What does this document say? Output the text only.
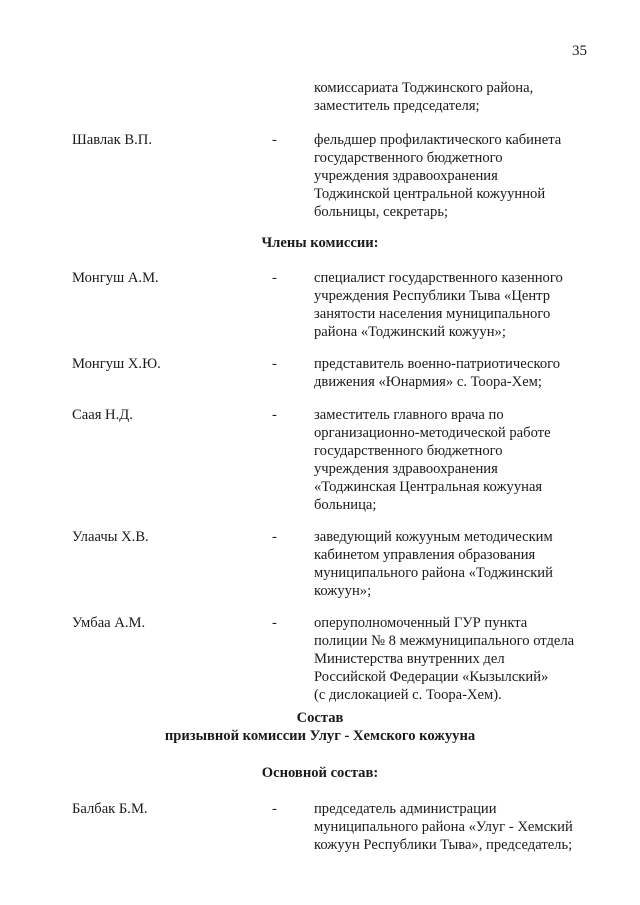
35
комиссариата Тоджинского района,
заместитель председателя;
Шавлак В.П.	-	фельдшер профилактического кабинета
государственного бюджетного
учреждения здравоохранения
Тоджинской центральной кожуунной
больницы, секретарь;
Члены комиссии:
Монгуш А.М.	-	специалист государственного казенного
учреждения Республики Тыва «Центр
занятости населения муниципального
района «Тоджинский кожуун»;
Монгуш Х.Ю.	-	представитель военно-патриотического
движения «Юнармия» с. Тоора-Хем;
Саая Н.Д.	-	заместитель главного врача по
организационно-методической работе
государственного бюджетного
учреждения здравоохранения
«Тоджинская Центральная кожууная
больница;
Улаачы Х.В.	-	заведующий кожууным методическим
кабинетом управления образования
муниципального района «Тоджинский
кожуун»;
Умбаа А.М.	-	оперуполномоченный ГУР пункта
полиции № 8 межмуниципального отдела
Министерства внутренних дел
Российской Федерации «Кызылский»
(с дислокацией с. Тоора-Хем).
Состав
призывной комиссии Улуг - Хемского кожууна
Основной состав:
Балбак Б.М.	-	председатель администрации
муниципального района «Улуг - Хемский
кожуун Республики Тыва», председатель;
